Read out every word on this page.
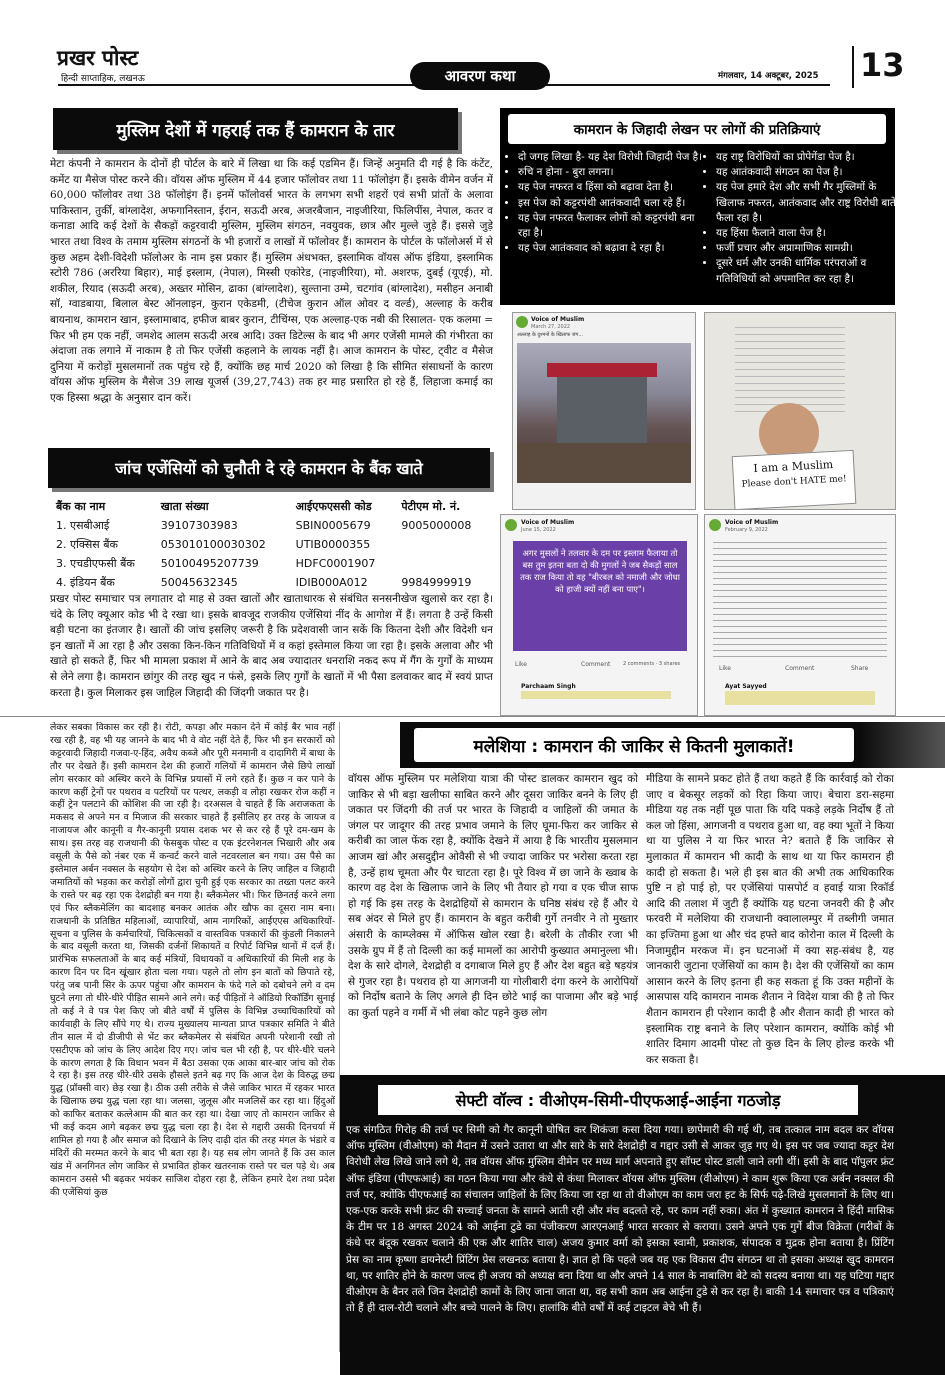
प्रखर पोस्ट
हिन्दी साप्ताहिक, लखनऊ	आवरण कथा	मंगलवार, 14 अक्टूबर, 2025 13
मुस्लिम देशों में गहराई तक हैं कामरान के तार
मेटा कंपनी ने कामरान के दोनों ही पोर्टल के बारे में लिखा था कि कई एडमिन हैं। जिन्हें अनुमति दी गई है कि कंटेंट, कमेंट या मैसेज पोस्ट करने की। वॉयस ऑफ मुस्लिम में 44 हजार फॉलोवर तथा 11 फॉलोइंग हैं। इसके वीमेन वर्जन में 60,000 फॉलोवर तथा 38 फॉलोइंग हैं। इनमें फॉलोवर्स भारत के लगभग सभी शहरों एवं सभी प्रांतों के अलावा पाकिस्तान, तुर्की, बांग्लादेश, अफगानिस्तान, ईरान, सऊदी अरब, अजरबैजान, नाइजीरिया, फिलिपींस, नेपाल, कतर व कनाडा आदि कई देशों के सैकड़ों कट्टरवादी मुस्लिम, मुस्लिम संगठन, नवयुवक, छात्र और मुल्ले जुड़े हैं। इससे जुड़े भारत तथा विश्व के तमाम मुस्लिम संगठनों के भी हजारों व लाखों में फॉलोवर हैं। कामरान के पोर्टल के फॉलोअर्स में से कुछ अहम देशी-विदेशी फॉलोअर के नाम इस प्रकार हैं। मुस्लिम अंधभक्त, इस्लामिक वॉयस ऑफ इंडिया, इस्लामिक स्टोरी 786 (अररिया बिहार), माई इस्लाम, (नेपाल), मिस्सी एकोरेड, (नाइजीरिया), मो. अशरफ, दुबई (यूएई), मो. शकील, रियाद (सऊदी अरब), अख्तर मोसिन, ढाका (बांग्लादेश), सुल्ताना उम्मे, चटगांव (बांग्लादेश), मसीहन अनाबी सॉ, ग्वाडबाया, बिलाल बेस्ट ऑनलाइन, कुरान एकेडमी, (टीचेज कुरान ऑल ओवर द वर्ल्ड), अल्लाह के करीब बायनाथ, कामरान खान, इस्लामाबाद, हफीज बाबर कुरान, टीचिंग्स, एक अल्लाह-एक नबी की रिसालत- एक कलमा = फिर भी हम एक नहीं, जमशेद आलम सऊदी अरब आदि। उक्त डिटेल्स के बाद भी अगर एजेंसी मामले की गंभीरता का अंदाजा तक लगाने में नाकाम है तो फिर एजेंसी कहलाने के लायक नहीं है। आज कामरान के पोस्ट, ट्वीट व मैसेज दुनिया में करोड़ों मुसलमानों तक पहुंच रहे हैं, क्योंकि छह मार्च 2020 को लिखा है कि सीमित संसाधनों के कारण वॉयस ऑफ मुस्लिम के मैसेज 39 लाख यूजर्स (39,27,743) तक हर माह प्रसारित हो रहे हैं, लिहाजा कमाई का एक हिस्सा श्रद्धा के अनुसार दान करें।
कामरान के जिहादी लेखन पर लोगों की प्रतिक्रियाएं
• दो जगह लिखा है- यह देश विरोधी जिहादी पेज है।
• रुचि न होना - बुरा लगना।
• यह पेज नफरत व हिंसा को बढ़ावा देता है।
• इस पेज को कट्टरपंथी आतंकवादी चला रहे हैं।
• यह पेज नफरत फैलाकर लोगों को कट्टरपंथी बना रहा है।
• यह पेज आतंकवाद को बढ़ावा दे रहा है।
• यह राष्ट्र विरोधियों का प्रोपेगेंडा पेज है।
• यह आतंकवादी संगठन का पेज है।
• यह पेज हमारे देश और सभी गैर मुस्लिमों के खिलाफ नफरत, आतंकवाद और राष्ट्र विरोधी बातें फैला रहा है।
• यह हिंसा फैलाने वाला पेज है।
• फर्जी प्रचार और अप्रामाणिक सामग्री।
• दूसरे धर्म और उनकी धार्मिक परंपराओं व गतिविधियों को अपमानित कर रहा है।
Voice of Muslim
March 27, 2022
अल्लाह के दुश्मनों के खिलाफ जंग...
I am a Muslim
Please don't HATE me!
Voice of Muslim
June 15, 2022
अगर मुसलों ने तलवार के दम पर इस्लाम फैलाया तो बस तुम इतना बता दो की मुगलों ने जब सैकड़ों साल तक राज किया तो वह "बीरबल को नमाजी और जोधा को हाजी क्यों नहीं बना पाए"।
Like	2 comments · 3 shares
Comment
Parchaam Singh
Voice of Muslim
February 9, 2022
Like	Comment	Share
Ayat Sayyed
जांच एजेंसियों को चुनौती दे रहे कामरान के बैंक खाते
बैंक का नाम	खाता संख्या	आईएफएससी कोड	पेटीएम मो. नं.
1. एसबीआई	39107303983	SBIN0005679	9005000008
2. एक्सिस बैंक	053010100030302	UTIB0000355	
3. एचडीएफसी बैंक	50100495207739	HDFC0001907	
4. इंडियन बैंक	50045632345	IDIB000A012	9984999919
प्रखर पोस्ट समाचार पत्र लगातार दो माह से उक्त खातों और खाताधारक से संबंधित सनसनीखेज खुलासे कर रहा है। चंदे के लिए क्यूआर कोड भी दे रखा था। इसके बावजूद राजकीय एजेंसियां नींद के आगोश में हैं। लगता है उन्हें किसी बड़ी घटना का इंतजार है। खातों की जांच इसलिए जरूरी है कि प्रदेशवासी जान सकें कि कितना देशी और विदेशी धन इन खातों में आ रहा है और उसका किन-किन गतिविधियों में व कहां इस्तेमाल किया जा रहा है। इसके अलावा और भी खाते हो सकते हैं, फिर भी मामला प्रकाश में आने के बाद अब ज्यादातर धनराशि नकद रूप में गैंग के गुर्गों के माध्यम से लेने लगा है। कामरान छांगुर की तरह खुद न फंसे, इसके लिए गुर्गों के खातों में भी पैसा डलवाकर बाद में स्वयं प्राप्त करता है। कुल मिलाकर इस जाहिल जिहादी की जिंदगी जकात पर है।
लेकर सबका विकास कर रही है। रोटी, कपड़ा और मकान देने में कोई बैर भाव नहीं रख रही है, वह भी यह जानने के बाद भी वे वोट नहीं देते हैं, फिर भी इन सरकारों को कट्टरवादी जिहादी गजवा-ए-हिंद, अवैध कब्जे और पूरी मनमानी व दादागिरी में बाधा के तौर पर देखते हैं। इसी कामरान देश की हजारों गलियों में कामरान जैसे छिपे लाखों लोग सरकार को अस्थिर करने के विभिन्न प्रयासों में लगे रहते हैं। कुछ न कर पाने के कारण कहीं ट्रेनों पर पथराव व पटरियों पर पत्थर, लकड़ी व लोहा रखकर रोज कहीं न कहीं ट्रेन पलटाने की कोशिश की जा रही है। दरअसल वे चाहते हैं कि अराजकता के मकसद से अपने मन व मिजाज की सरकार चाहते हैं इसीलिए हर तरह के जायज व नाजायज और कानूनी व गैर-कानूनी प्रयास दशक भर से कर रहे हैं पूरे दम-खम के साथ। इस तरह वह राजधानी की फेसबुक पोस्ट व एक इंटरनेशनल भिखारी और अब वसूली के पैसे को नंबर एक में कन्वर्ट करने वाले नटवरलाल बन गया। उस पैसे का इस्तेमाल अर्बन नक्सल के सहयोग से देश को अस्थिर करने के लिए जाहिल व जिहादी जमातियों को भड़का कर करोड़ों लोगों द्वारा चुनी हुई एक सरकार का तख्ता पलट करने के रास्ते पर बढ़ रहा एक देशद्रोही बन गया है। ब्लैकमेलर भी। फिर छिनतई करने लगा एवं फिर ब्लैकमेलिंग का बादशाह बनकर आतंक और खौफ का दूसरा नाम बना। राजधानी के प्रतिष्ठित महिलाओं, व्यापारियों, आम नागरिकों, आईएएस अधिकारियों- सूचना व पुलिस के कर्मचारियों, चिकित्सकों व वास्तविक पत्रकारों की कुंडली निकालने के बाद वसूली करता था, जिसकी दर्जनों शिकायतें व रिपोर्ट विभिन्न थानों में दर्ज हैं। प्रारंभिक सफलताओं के बाद कई मंत्रियों, विधायकों व अधिकारियों की मिली शह के कारण दिन पर दिन खूंखार होता चला गया। पहले तो लोग इन बातों को छिपाते रहे, परंतु जब पानी सिर के ऊपर पहुंचा और कामरान के फंदे गले को दबोचने लगे व दम घुटने लगा तो धीरे-धीरे पीड़ित सामने आने लगे। कई पीड़ितों ने ऑडियो रिकॉर्डिंग सुनाई तो कई ने वे पत्र पेश किए जो बीते वर्षों में पुलिस के विभिन्न उच्चाधिकारियों को कार्यवाही के लिए सौंपे गए थे। राज्य मुख्यालय मान्यता प्राप्त पत्रकार समिति ने बीते तीन साल में दो डीजीपी से भेंट कर ब्लैकमेलर से संबंधित अपनी परेशानी रखी तो एसटीएफ को जांच के लिए आदेश दिए गए। जांच चल भी रही है, पर धीरे-धीरे चलने के कारण लगता है कि विधान भवन में बैठा उसका एक आका बार-बार जांच को रोक दे रहा है। इस तरह धीरे-धीरे उसके हौसले इतने बढ़ गए कि आज देश के विरुद्ध छद्म युद्ध (प्रॉक्सी वार) छेड़ रखा है। ठीक उसी तरीके से जैसे जाकिर भारत में रहकर भारत के खिलाफ छद्म युद्ध चला रहा था। जलसा, जुलूस और मजलिसें कर रहा था। हिंदुओं को काफिर बताकर कत्लेआम की बात कर रहा था। देखा जाए तो कामरान जाकिर से भी कई कदम आगे बढ़कर छद्म युद्ध चला रहा है। देश से गद्दारी उसकी दिनचर्या में शामिल हो गया है और समाज को दिखाने के लिए दाढ़ी दांत की तरह मंगल के भंडारे व मंदिरों की मरम्मत करने के बाद भी बता रहा है। यह सब लोग जानते हैं कि उस काल खंड में अनगिनत लोग जाकिर से प्रभावित होकर खतरनाक रास्ते पर चल पड़े थे। अब कामरान उससे भी बढ़कर भयंकर साजिश दोहरा रहा है, लेकिन हमारे देश तथा प्रदेश की एजेंसियां कुछ
मलेशिया : कामरान की जाकिर से कितनी मुलाकातें!
वॉयस ऑफ मुस्लिम पर मलेशिया यात्रा की पोस्ट डालकर कामरान खुद को जाकिर से भी बड़ा खलीफा साबित करने और दूसरा जाकिर बनने के लिए ही जकात पर जिंदगी की तर्ज पर भारत के जिहादी व जाहिलों की जमात के जंगल पर जादूगर की तरह प्रभाव जमाने के लिए घूमा-फिरा कर जाकिर से करीबी का जाल फेंक रहा है, क्योंकि देखने में आया है कि भारतीय मुसलमान आजम खां और असदुद्दीन ओवैसी से भी ज्यादा जाकिर पर भरोसा करता रहा है, उन्हें हाथ चूमता और पैर चाटता रहा है। पूरे विश्व में छा जाने के ख्वाब के कारण वह देश के खिलाफ जाने के लिए भी तैयार हो गया व एक चीज साफ हो गई कि इस तरह के देशद्रोहियों से कामरान के घनिष्ठ संबंध रहे हैं और ये सब अंदर से मिले हुए हैं। कामरान के बहुत करीबी गुर्गे तनवीर ने तो मुख्तार अंसारी के काम्प्लेक्स में ऑफिस खोल रखा है। बरेली के तौकीर रजा भी उसके ग्रुप में हैं तो दिल्ली का कई मामलों का आरोपी कुख्यात अमानुल्ला भी। देश के सारे दोगले, देशद्रोही व दगाबाज मिले हुए हैं और देश बहुत बड़े षड़यंत्र से गुजर रहा है। पथराव हो या आगजनी या गोलीबारी दंगा करने के आरोपियों को निर्दोष बताने के लिए अगले ही दिन छोटे भाई का पाजामा और बड़े भाई का कुर्ता पहने व गर्मी में भी लंबा कोट पहने कुछ लोग
मीडिया के सामने प्रकट होते हैं तथा कहते हैं कि कार्रवाई को रोका जाए व बेकसूर लड़कों को रिहा किया जाए। बेचारा डरा-सहमा मीडिया यह तक नहीं पूछ पाता कि यदि पकड़े लड़के निर्दोष हैं तो कल जो हिंसा, आगजनी व पथराव हुआ था, वह क्या भूतों ने किया था या पुलिस ने या फिर भारत ने? बताते हैं कि जाकिर से मुलाकात में कामरान भी कादी के साथ था या फिर कामरान ही कादी हो सकता है। भले ही इस बात की अभी तक आधिकारिक पुष्टि न हो पाई हो, पर एजेंसियां पासपोर्ट व हवाई यात्रा रिकॉर्ड आदि की तलाश में जुटी हैं क्योंकि यह घटना जनवरी की है और फरवरी में मलेशिया की राजधानी क्वालालम्पुर में तब्लीगी जमात का इज्तिमा हुआ था और चंद हफ्ते बाद कोरोना काल में दिल्ली के निजामुद्दीन मरकज में। इन घटनाओं में क्या सह-संबंध है, यह जानकारी जुटाना एजेंसियों का काम है। देश की एजेंसियों का काम आसान करने के लिए इतना ही कह सकता हूं कि उक्त महीनों के आसपास यदि कामरान नामक शैतान ने विदेश यात्रा की है तो फिर शैतान कामरान ही परेशान कादी है और शैतान कादी ही भारत को इस्लामिक राष्ट्र बनाने के लिए परेशान कामरान, क्योंकि कोई भी शातिर दिमाग आदमी पोस्ट तो कुछ दिन के लिए होल्ड करके भी कर सकता है।
सेफ्टी वॉल्व : वीओएम-सिमी-पीएफआई-आईना गठजोड़
एक संगठित गिरोह की तर्ज पर सिमी को गैर कानूनी घोषित कर शिकंजा कसा दिया गया। छापेमारी की गई थी, तब तत्काल नाम बदल कर वॉयस ऑफ मुस्लिम (वीओएम) को मैदान में उसने उतारा था और सारे के सारे देशद्रोही व गद्दार उसी से आकर जुड़ गए थे। इस पर जब ज्यादा कट्टर देश विरोधी लेख लिखे जाने लगे थे, तब वॉयस ऑफ मुस्लिम वीमेन पर मध्य मार्ग अपनाते हुए सॉफ्ट पोस्ट डाली जाने लगी थीं। इसी के बाद पॉपुलर फ्रंट ऑफ इंडिया (पीएफआई) का गठन किया गया और कंधे से कंधा मिलाकर वॉयस ऑफ मुस्लिम (वीओएम) ने काम शुरू किया एक अर्बन नक्सल की तर्ज पर, क्योंकि पीएफआई का संचालन जाहिलों के लिए किया जा रहा था तो वीओएम का काम जरा हट के सिर्फ पढ़े-लिखे मुसलमानों के लिए था। एक-एक करके सभी फ्रंट की सच्चाई जनता के सामने आती रही और मंच बदलते रहे, पर काम नहीं रुका। अंत में कुख्यात कामरान ने हिंदी मासिक के टीम पर 18 अगस्त 2024 को आईना टुडे का पंजीकरण आरएनआई भारत सरकार से कराया। उसने अपने एक गुर्गे बीज विक्रेता (गरीबों के कंधे पर बंदूक रखकर चलाने की एक और शातिर चाल) अजय कुमार वर्मा को इसका स्वामी, प्रकाशक, संपादक व मुद्रक होना बताया है। प्रिंटिंग प्रेस का नाम कृष्णा डायनेस्टी प्रिंटिंग प्रेस लखनऊ बताया है। ज्ञात हो कि पहले जब यह एक विकास दीप संगठन था तो इसका अध्यक्ष खुद कामरान था, पर शातिर होने के कारण जल्द ही अजय को अध्यक्ष बना दिया था और अपने 14 साल के नाबालिग बेटे को सदस्य बनाया था। यह घटिया गद्दार वीओएम के बैनर तले जिन देशद्रोही कामों के लिए जाना जाता था, वह सभी काम अब आईना टुडे से कर रहा है। बाकी 14 समाचार पत्र व पत्रिकाएं तो हैं ही दाल-रोटी चलाने और बच्चे पालने के लिए। हालांकि बीते वर्षों में कई टाइटल बेचे भी हैं।
